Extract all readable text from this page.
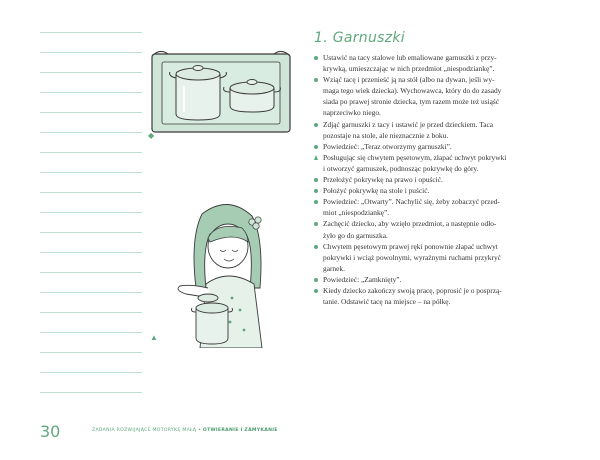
◆
▲
1. Garnuszki
Ustawić na tacy stalowe lub emaliowane garnuszki z przy-
krywką, umieszczając w nich przedmiot „niespodziankę”.
Wziąć tacę i przenieść ją na stół (albo na dywan, jeśli wy-
maga tego wiek dziecka). Wychowawca, który do do zasady
siada po prawej stronie dziecka, tym razem może też usiąść
naprzeciwko niego.
Zdjąć garnuszki z tacy i ustawić je przed dzieckiem. Taca
pozostaje na stole, ale nieznacznie z boku.
Powiedzieć: „Teraz otworzymy garnuszki”.
Posługując się chwytem pęsetowym, złapać uchwyt pokrywki
i otworzyć garnuszek, podnosząc pokrywkę do góry.
Przełożyć pokrywkę na prawo i opuścić.
Położyć pokrywkę na stole i puścić.
Powiedzieć: „Otwarty”. Nachylić się, żeby zobaczyć przed-
miot „niespodziankę”.
Zachęcić dziecko, aby wzięło przedmiot, a następnie odło-
żyło go do garnuszka.
Chwytem pęsetowym prawej ręki ponownie złapać uchwyt
pokrywki i wciąż powolnymi, wyraźnymi ruchami przykryć
garnek.
Powiedzieć: „Zamknięty”.
Kiedy dziecko zakończy swoją pracę, poprosić je o posprzą-
tanie. Odstawić tacę na miejsce – na półkę.
30	ZADANIA ROZWIJAJĄCE MOTORYKĘ MAŁĄ • OTWIERANIE I ZAMYKANIE
